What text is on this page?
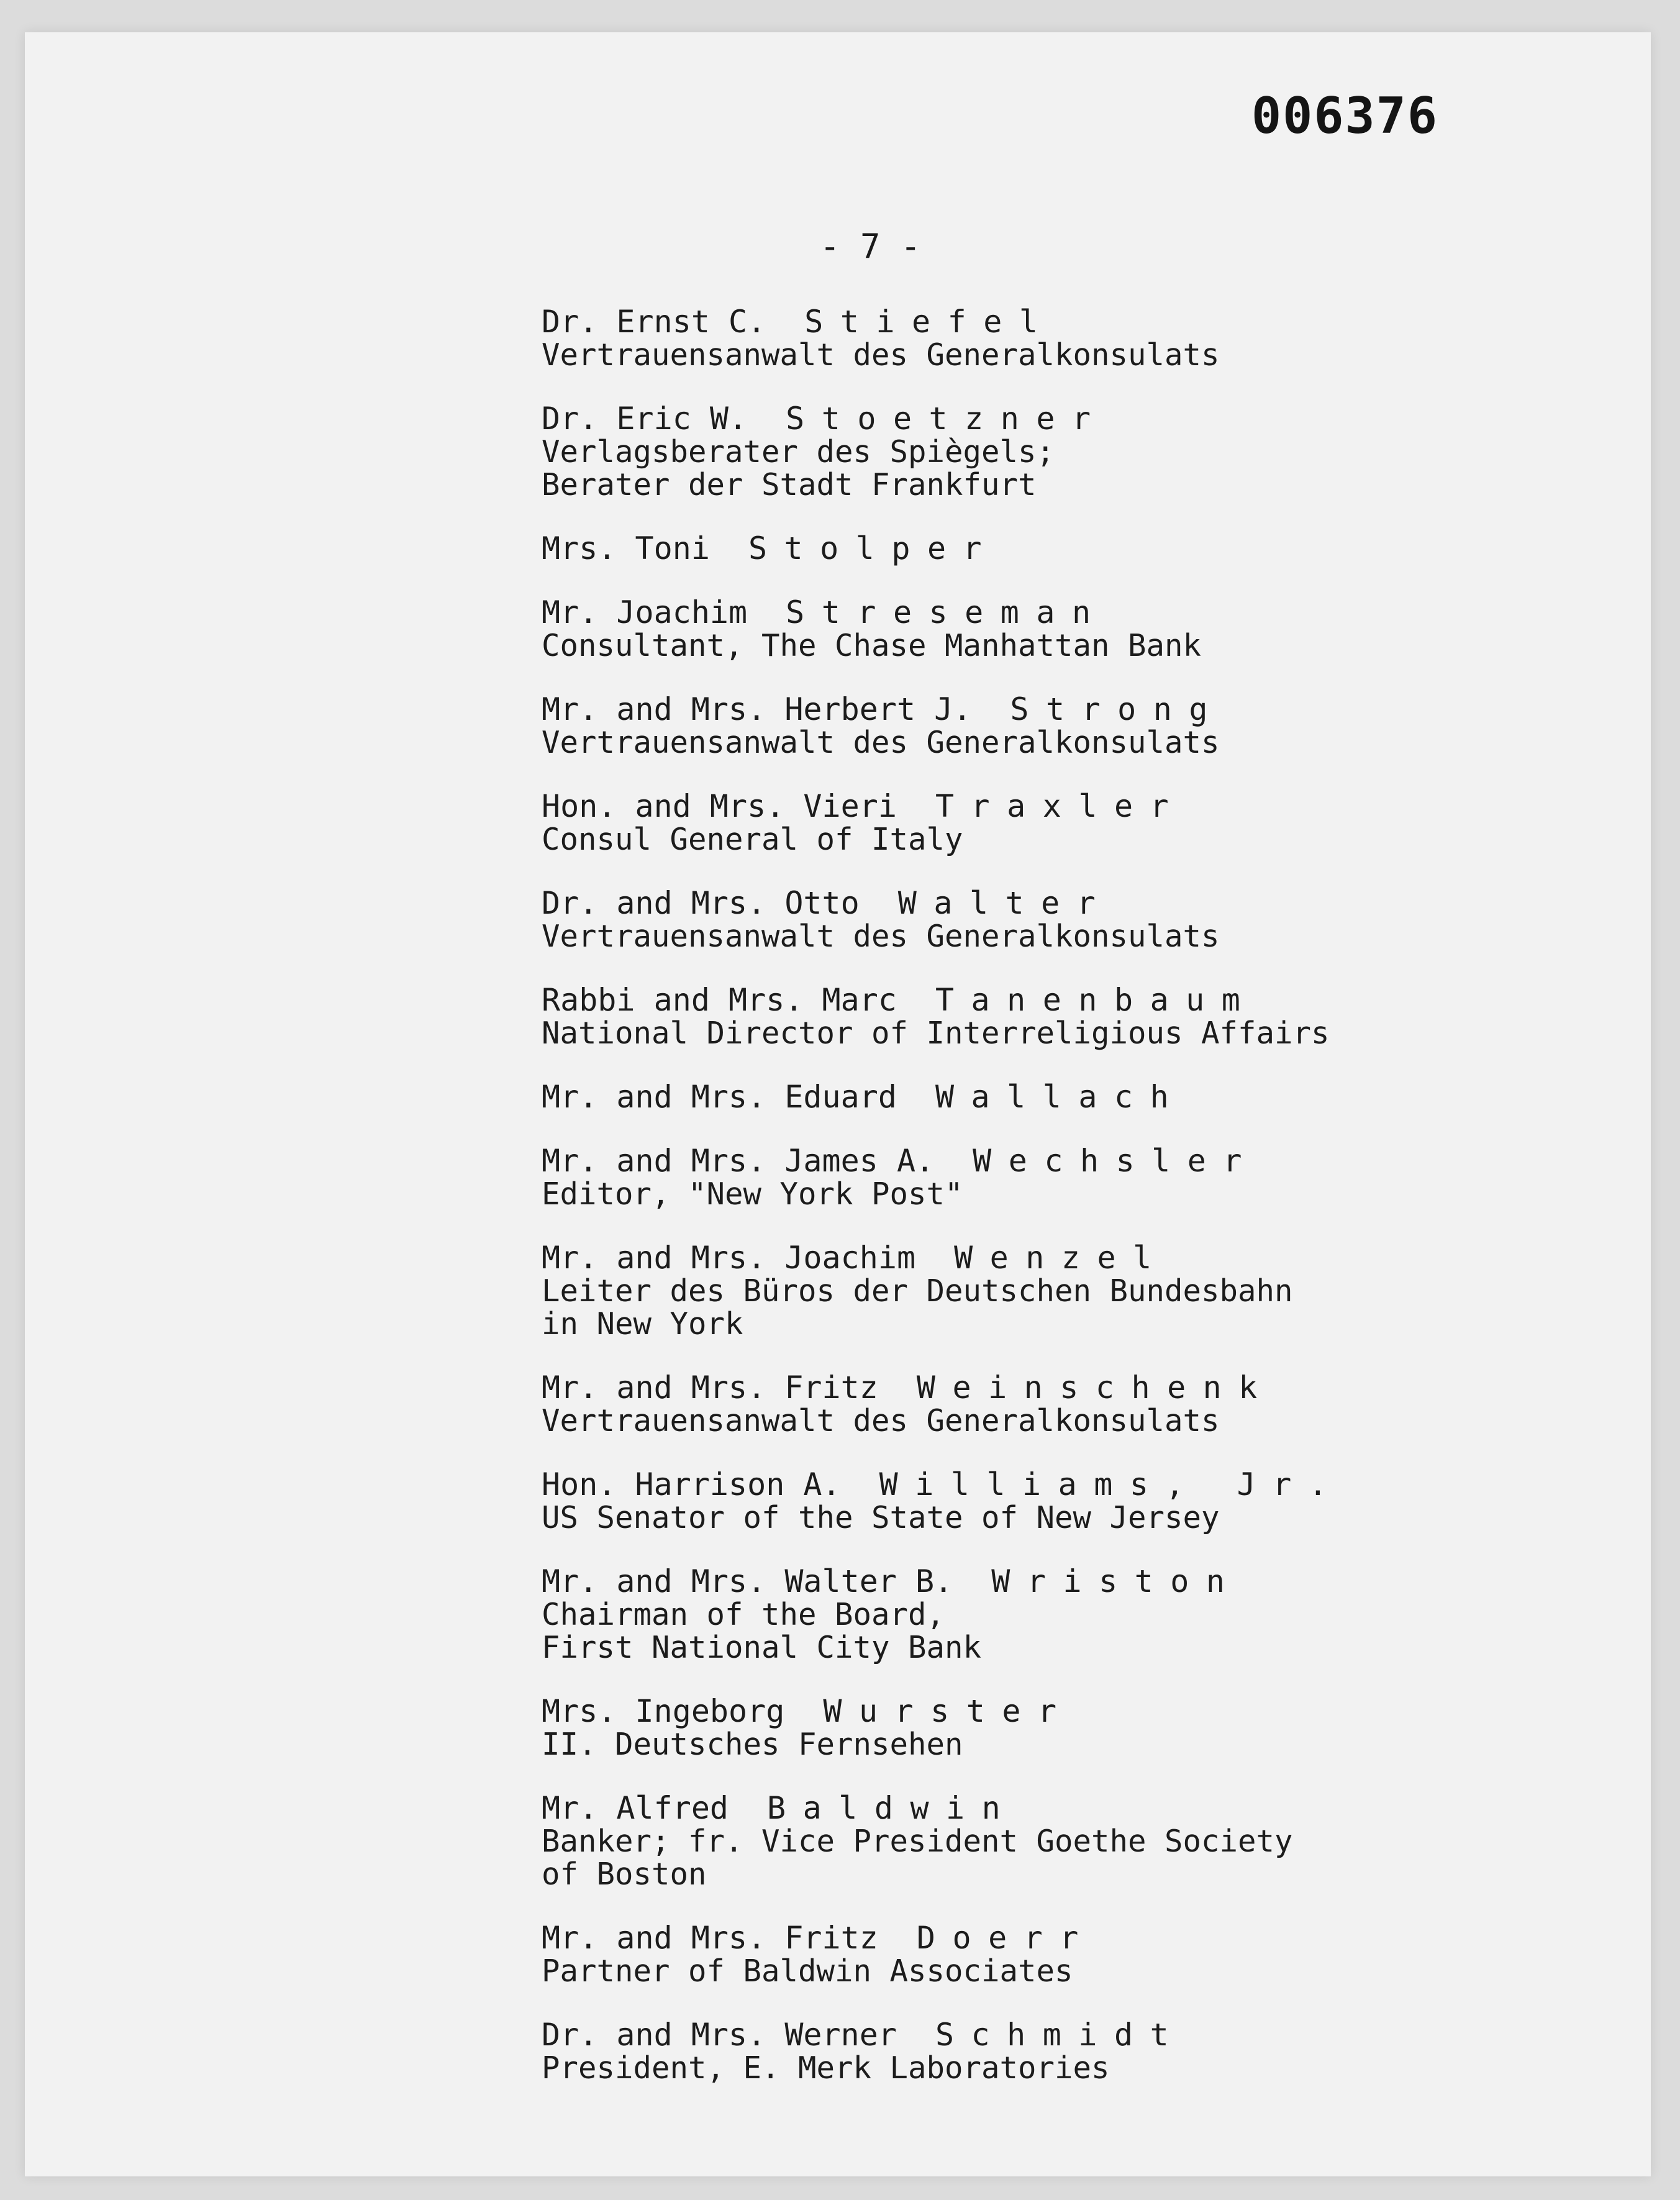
006376
- 7 -
Dr. Ernst C. Stiefel
Vertrauensanwalt des Generalkonsulats
Dr. Eric W. Stoetzner
Verlagsberater des Spiègels;
Berater der Stadt Frankfurt
Mrs. Toni Stolper
Mr. Joachim Streseman
Consultant, The Chase Manhattan Bank
Mr. and Mrs. Herbert J. Strong
Vertrauensanwalt des Generalkonsulats
Hon. and Mrs. Vieri Traxler
Consul General of Italy
Dr. and Mrs. Otto Walter
Vertrauensanwalt des Generalkonsulats
Rabbi and Mrs. Marc Tanenbaum
National Director of Interreligious Affairs
Mr. and Mrs. Eduard Wallach
Mr. and Mrs. James A. Wechsler
Editor, "New York Post"
Mr. and Mrs. Joachim Wenzel
Leiter des Büros der Deutschen Bundesbahn
in New York
Mr. and Mrs. Fritz Weinschenk
Vertrauensanwalt des Generalkonsulats
Hon. Harrison A. Williams, Jr.
US Senator of the State of New Jersey
Mr. and Mrs. Walter B. Wriston
Chairman of the Board,
First National City Bank
Mrs. Ingeborg Wurster
II. Deutsches Fernsehen
Mr. Alfred Baldwin
Banker; fr. Vice President Goethe Society
of Boston
Mr. and Mrs. Fritz Doerr
Partner of Baldwin Associates
Dr. and Mrs. Werner Schmidt
President, E. Merk Laboratories
